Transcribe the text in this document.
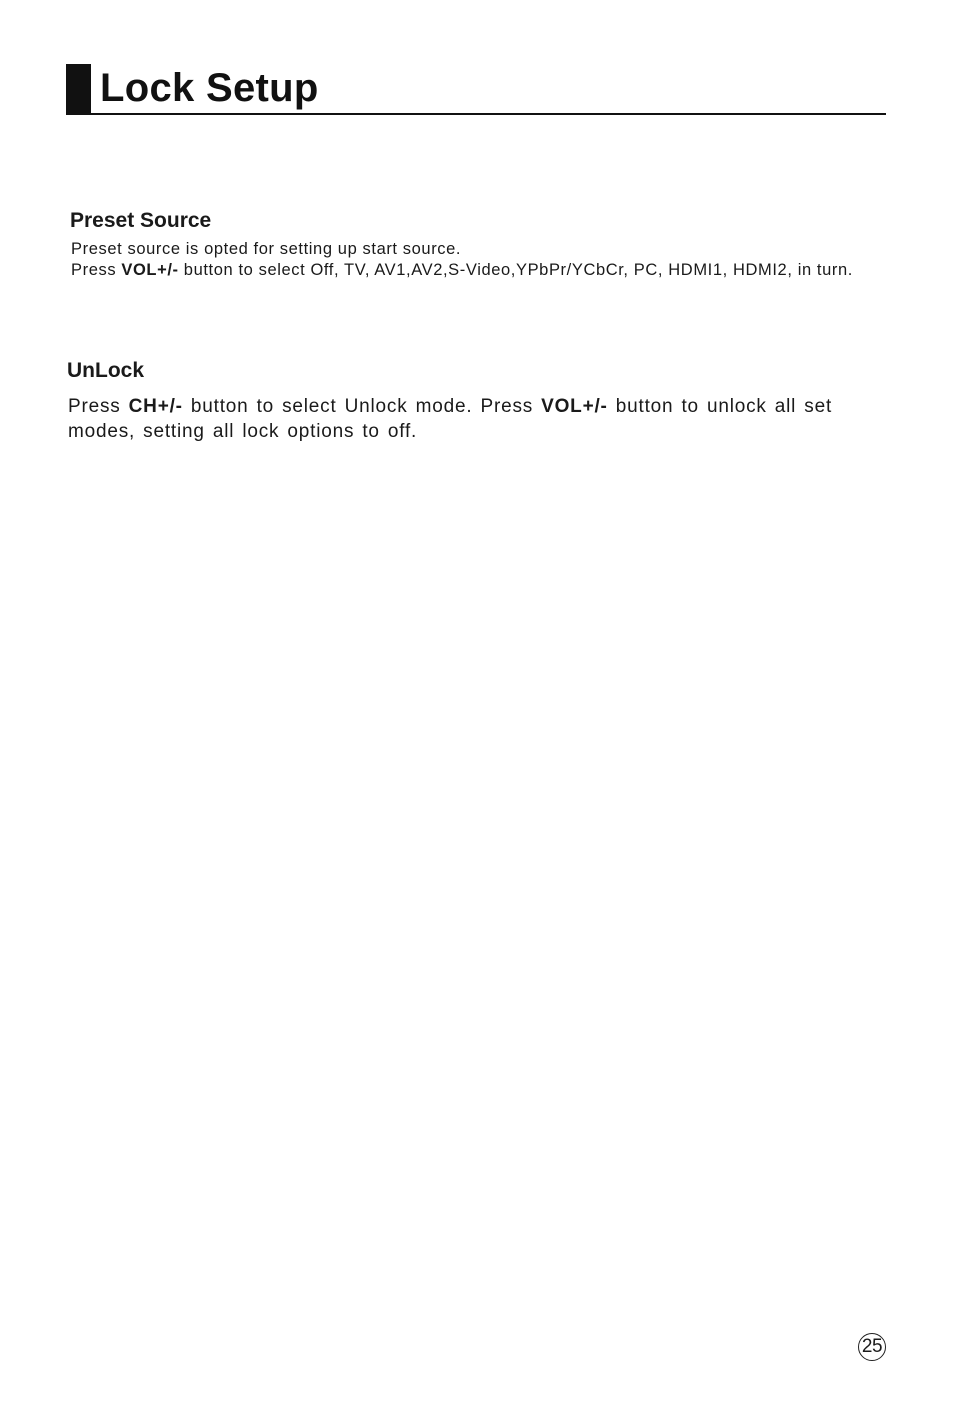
Lock Setup
Preset Source

Preset source is opted for setting up start source.
Press VOL+/- button to select Off, TV, AV1,AV2,S-Video,YPbPr/YCbCr, PC, HDMI1, HDMI2, in turn.

UnLock

Press CH+/- button to select Unlock mode. Press VOL+/- button to unlock all set modes, setting all lock options to off.

25
